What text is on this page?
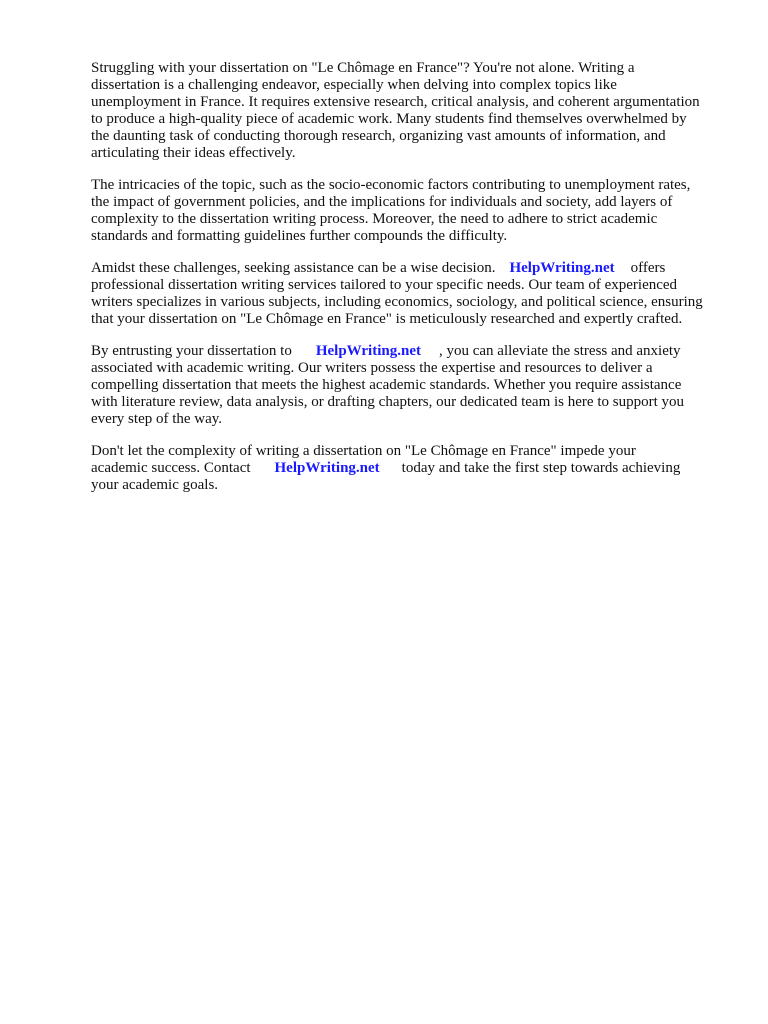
Struggling with your dissertation on "Le Chômage en France"? You're not alone. Writing a
dissertation is a challenging endeavor, especially when delving into complex topics like
unemployment in France. It requires extensive research, critical analysis, and coherent argumentation
to produce a high-quality piece of academic work. Many students find themselves overwhelmed by
the daunting task of conducting thorough research, organizing vast amounts of information, and
articulating their ideas effectively.

The intricacies of the topic, such as the socio-economic factors contributing to unemployment rates,
the impact of government policies, and the implications for individuals and society, add layers of
complexity to the dissertation writing process. Moreover, the need to adhere to strict academic
standards and formatting guidelines further compounds the difficulty.

Amidst these challenges, seeking assistance can be a wise decision. HelpWriting.net offers
professional dissertation writing services tailored to your specific needs. Our team of experienced
writers specializes in various subjects, including economics, sociology, and political science, ensuring
that your dissertation on "Le Chômage en France" is meticulously researched and expertly crafted.

By entrusting your dissertation to HelpWriting.net , you can alleviate the stress and anxiety
associated with academic writing. Our writers possess the expertise and resources to deliver a
compelling dissertation that meets the highest academic standards. Whether you require assistance
with literature review, data analysis, or drafting chapters, our dedicated team is here to support you
every step of the way.

Don't let the complexity of writing a dissertation on "Le Chômage en France" impede your
academic success. Contact HelpWriting.net today and take the first step towards achieving
your academic goals.
